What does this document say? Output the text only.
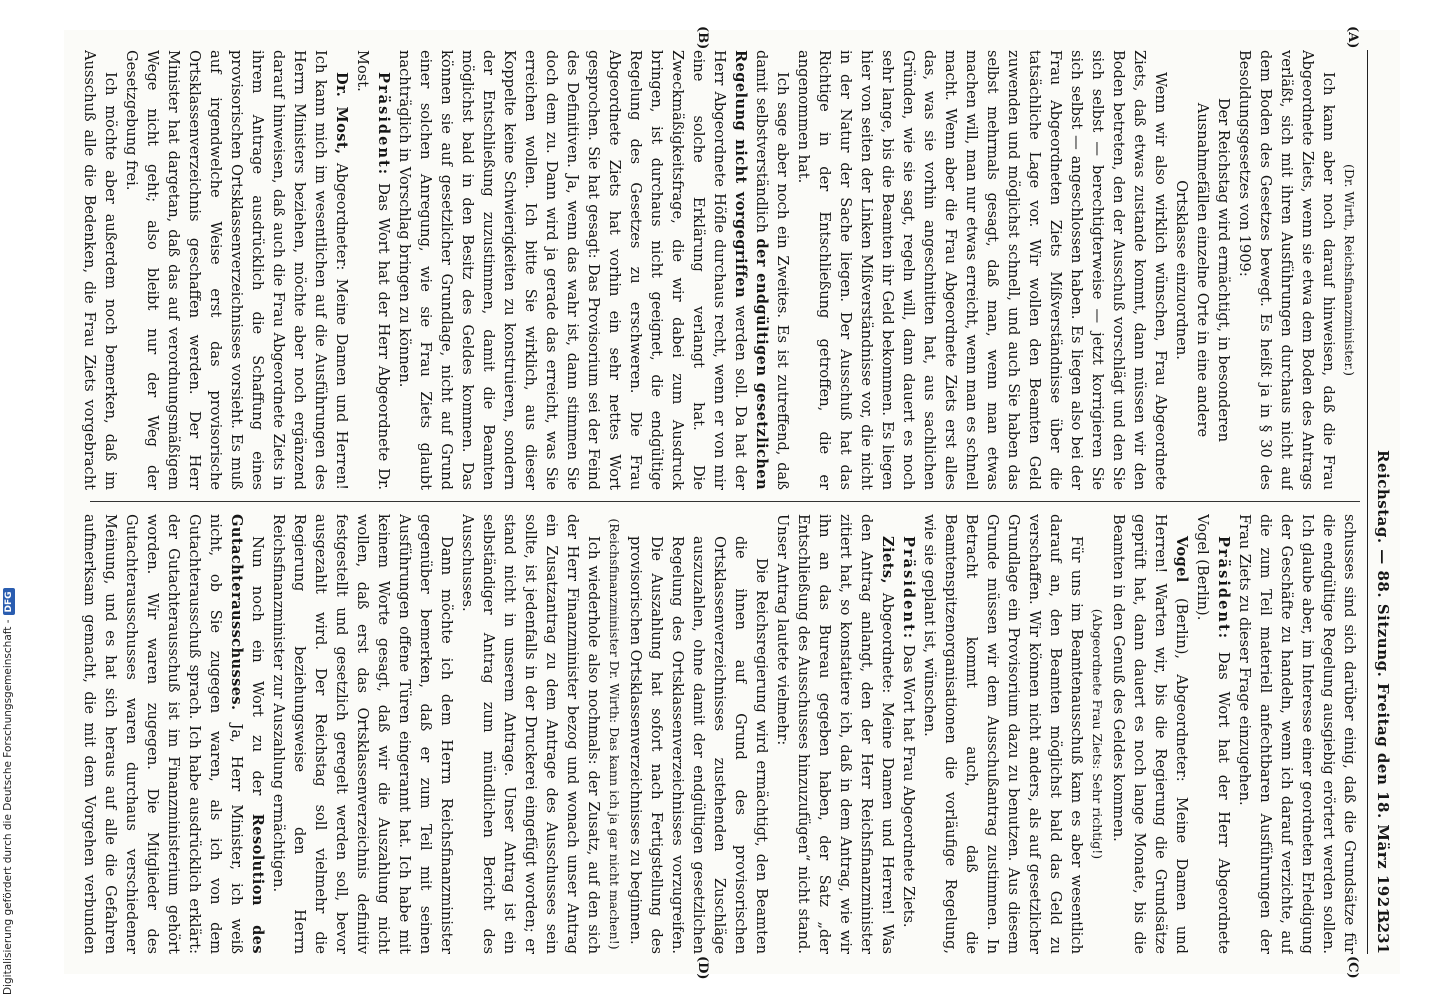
Reichstag. — 88. Sitzung. Freitag den 18. März 1921.
3231
(A)
(B)
(C)
(D)

(Dr. Wirth, Reichsfinanzminister.)

Ich kann aber noch darauf hinweisen, daß die Frau Abgeordnete Ziets, wenn sie etwa dem Boden des Antrags verläßt, sich mit ihren Ausführungen durchaus nicht auf dem Boden des Gesetzes bewegt. Es heißt ja in § 30 des Besoldungsgesetzes von 1909:

Der Reichstag wird ermächtigt, in besonderen Ausnahmefällen einzelne Orte in eine andere Ortsklasse einzuordnen.

Wenn wir also wirklich wünschen, Frau Abgeordnete Ziets, daß etwas zustande kommt, dann müssen wir den Boden betreten, den der Ausschuß vorschlägt und den Sie sich selbst — berechtigterweise — jetzt korrigieren Sie sich selbst — angeschlossen haben. Es liegen also bei der Frau Abgeordneten Ziets Mißverständnisse über die tatsächliche Lage vor. Wir wollen den Beamten Geld zuwenden und möglichst schnell, und auch Sie haben das selbst mehrmals gesagt, daß man, wenn man etwas machen will, man nur etwas erreicht, wenn man es schnell macht. Wenn aber die Frau Abgeordnete Ziets erst alles das, was sie vorhin angeschnitten hat, aus sachlichen Gründen, wie sie sagt, regeln will, dann dauert es noch sehr lange, bis die Beamten ihr Geld bekommen. Es liegen hier von seiten der Linken Mißverständnisse vor, die nicht in der Natur der Sache liegen. Der Ausschuß hat das Richtige in der Entschließung getroffen, die er angenommen hat.

Ich sage aber noch ein Zweites. Es ist zutreffend, daß damit selbstverständlich der endgültigen gesetzlichen Regelung nicht vorgegriffen werden soll. Da hat der Herr Abgeordnete Höfle durchaus recht, wenn er von mir eine solche Erklärung verlangt hat. Die Zweckmäßigkeitsfrage, die wir dabei zum Ausdruck bringen, ist durchaus nicht geeignet, die endgültige Regelung des Gesetzes zu erschweren. Die Frau Abgeordnete Ziets hat vorhin ein sehr nettes Wort gesprochen. Sie hat gesagt: Das Provisorium sei der Feind des Definitiven. Ja, wenn das wahr ist, dann stimmen Sie doch dem zu. Dann wird ja gerade das erreicht, was Sie erreichen wollen. Ich bitte Sie wirklich, aus dieser Koppelte keine Schwierigkeiten zu konstruieren, sondern der Entschließung zuzustimmen, damit die Beamten möglichst bald in den Besitz des Geldes kommen. Das können sie auf gesetzlicher Grundlage, nicht auf Grund einer solchen Anregung, wie sie Frau Ziets glaubt nachträglich in Vorschlag bringen zu können.

Präsident: Das Wort hat der Herr Abgeordnete Dr. Most.

Dr. Most, Abgeordneter: Meine Damen und Herren! Ich kann mich im wesentlichen auf die Ausführungen des Herrn Ministers beziehen, möchte aber noch ergänzend darauf hinweisen, daß auch die Frau Abgeordnete Ziets in ihrem Antrage ausdrücklich die Schaffung eines provisorischen Ortsklassenverzeichnisses vorsieht. Es muß auf irgendwelche Weise erst das provisorische Ortsklassenverzeichnis geschaffen werden. Der Herr Minister hat dargetan, daß das auf verordnungsmäßigem Wege nicht geht; also bleibt nur der Weg der Gesetzgebung frei.

Ich möchte aber außerdem noch bemerken, daß im Ausschuß alle die Bedenken, die Frau Ziets vorgebracht

schusses sind sich darüber einig, daß die Grundsätze für die endgültige Regelung ausgiebig erörtert werden sollen. Ich glaube aber, im Interesse einer geordneten Erledigung der Geschäfte zu handeln, wenn ich darauf verzichte, auf die zum Teil materiell anfechtbaren Ausführungen der Frau Ziets zu dieser Frage einzugehen.

Präsident: Das Wort hat der Herr Abgeordnete Vogel (Berlin).

Vogel (Berlin), Abgeordneter: Meine Damen und Herren! Warten wir, bis die Regierung die Grundsätze geprüft hat, dann dauert es noch lange Monate, bis die Beamten in den Genuß des Geldes kommen.

(Abgeordnete Frau Ziets: Sehr richtig!)

Für uns im Beamtenausschuß kam es aber wesentlich darauf an, den Beamten möglichst bald das Geld zu verschaffen. Wir können nicht anders, als auf gesetzlicher Grundlage ein Provisorium dazu zu benutzen. Aus diesem Grunde müssen wir dem Ausschußantrag zustimmen. In Betracht kommt auch, daß die Beamtenspitzenorganisationen die vorläufige Regelung, wie sie geplant ist, wünschen.

Präsident: Das Wort hat Frau Abgeordnete Ziets.

Ziets, Abgeordnete: Meine Damen und Herren! Was den Antrag anlangt, den der Herr Reichsfinanzminister zitiert hat, so konstatiere ich, daß in dem Antrag, wie wir ihn an das Bureau gegeben haben, der Satz „der Entschließung des Ausschusses hinzuzufügen“ nicht stand. Unser Antrag lautete vielmehr:

Die Reichsregierung wird ermächtigt, den Beamten die ihnen auf Grund des provisorischen Ortsklassenverzeichnisses zustehenden Zuschläge auszuzahlen, ohne damit der endgültigen gesetzlichen Regelung des Ortsklassenverzeichnisses vorzugreifen. Die Auszahlung hat sofort nach Fertigstellung des provisorischen Ortsklassenverzeichnisses zu beginnen.

(Reichsfinanzminister Dr. Wirth: Das kann ich ja gar nicht machen!)

Ich wiederhole also nochmals: der Zusatz, auf den sich der Herr Finanzminister bezog und wonach unser Antrag ein Zusatzantrag zu dem Antrage des Ausschusses sein sollte, ist jedenfalls in der Druckerei eingefügt worden; er stand nicht in unserem Antrage. Unser Antrag ist ein selbständiger Antrag zum mündlichen Bericht des Ausschusses.

Dann möchte ich dem Herrn Reichsfinanzminister gegenüber bemerken, daß er zum Teil mit seinen Ausführungen offene Türen eingerannt hat. Ich habe mit keinem Worte gesagt, daß wir die Auszahlung nicht wollen, daß erst das Ortsklassenverzeichnis definitiv festgestellt und gesetzlich geregelt werden soll, bevor ausgezahlt wird. Der Reichstag soll vielmehr die Regierung beziehungsweise den Herrn Reichsfinanzminister zur Auszahlung ermächtigen.

Nun noch ein Wort zu der Resolution des Gutachterausschusses. Ja, Herr Minister, ich weiß nicht, ob Sie zugegen waren, als ich von dem Gutachterausschuß sprach. Ich habe ausdrücklich erklärt: der Gutachterausschuß ist im Finanzministerium gehört worden. Wir waren zugegen. Die Mitglieder des Gutachterausschusses waren durchaus verschiedener Meinung, und es hat sich heraus auf alle die Gefahren aufmerksam gemacht, die mit dem Vorgehen verbunden

Digitalisierung gefördert durch die Deutsche Forschungsgemeinschaft -DFG
